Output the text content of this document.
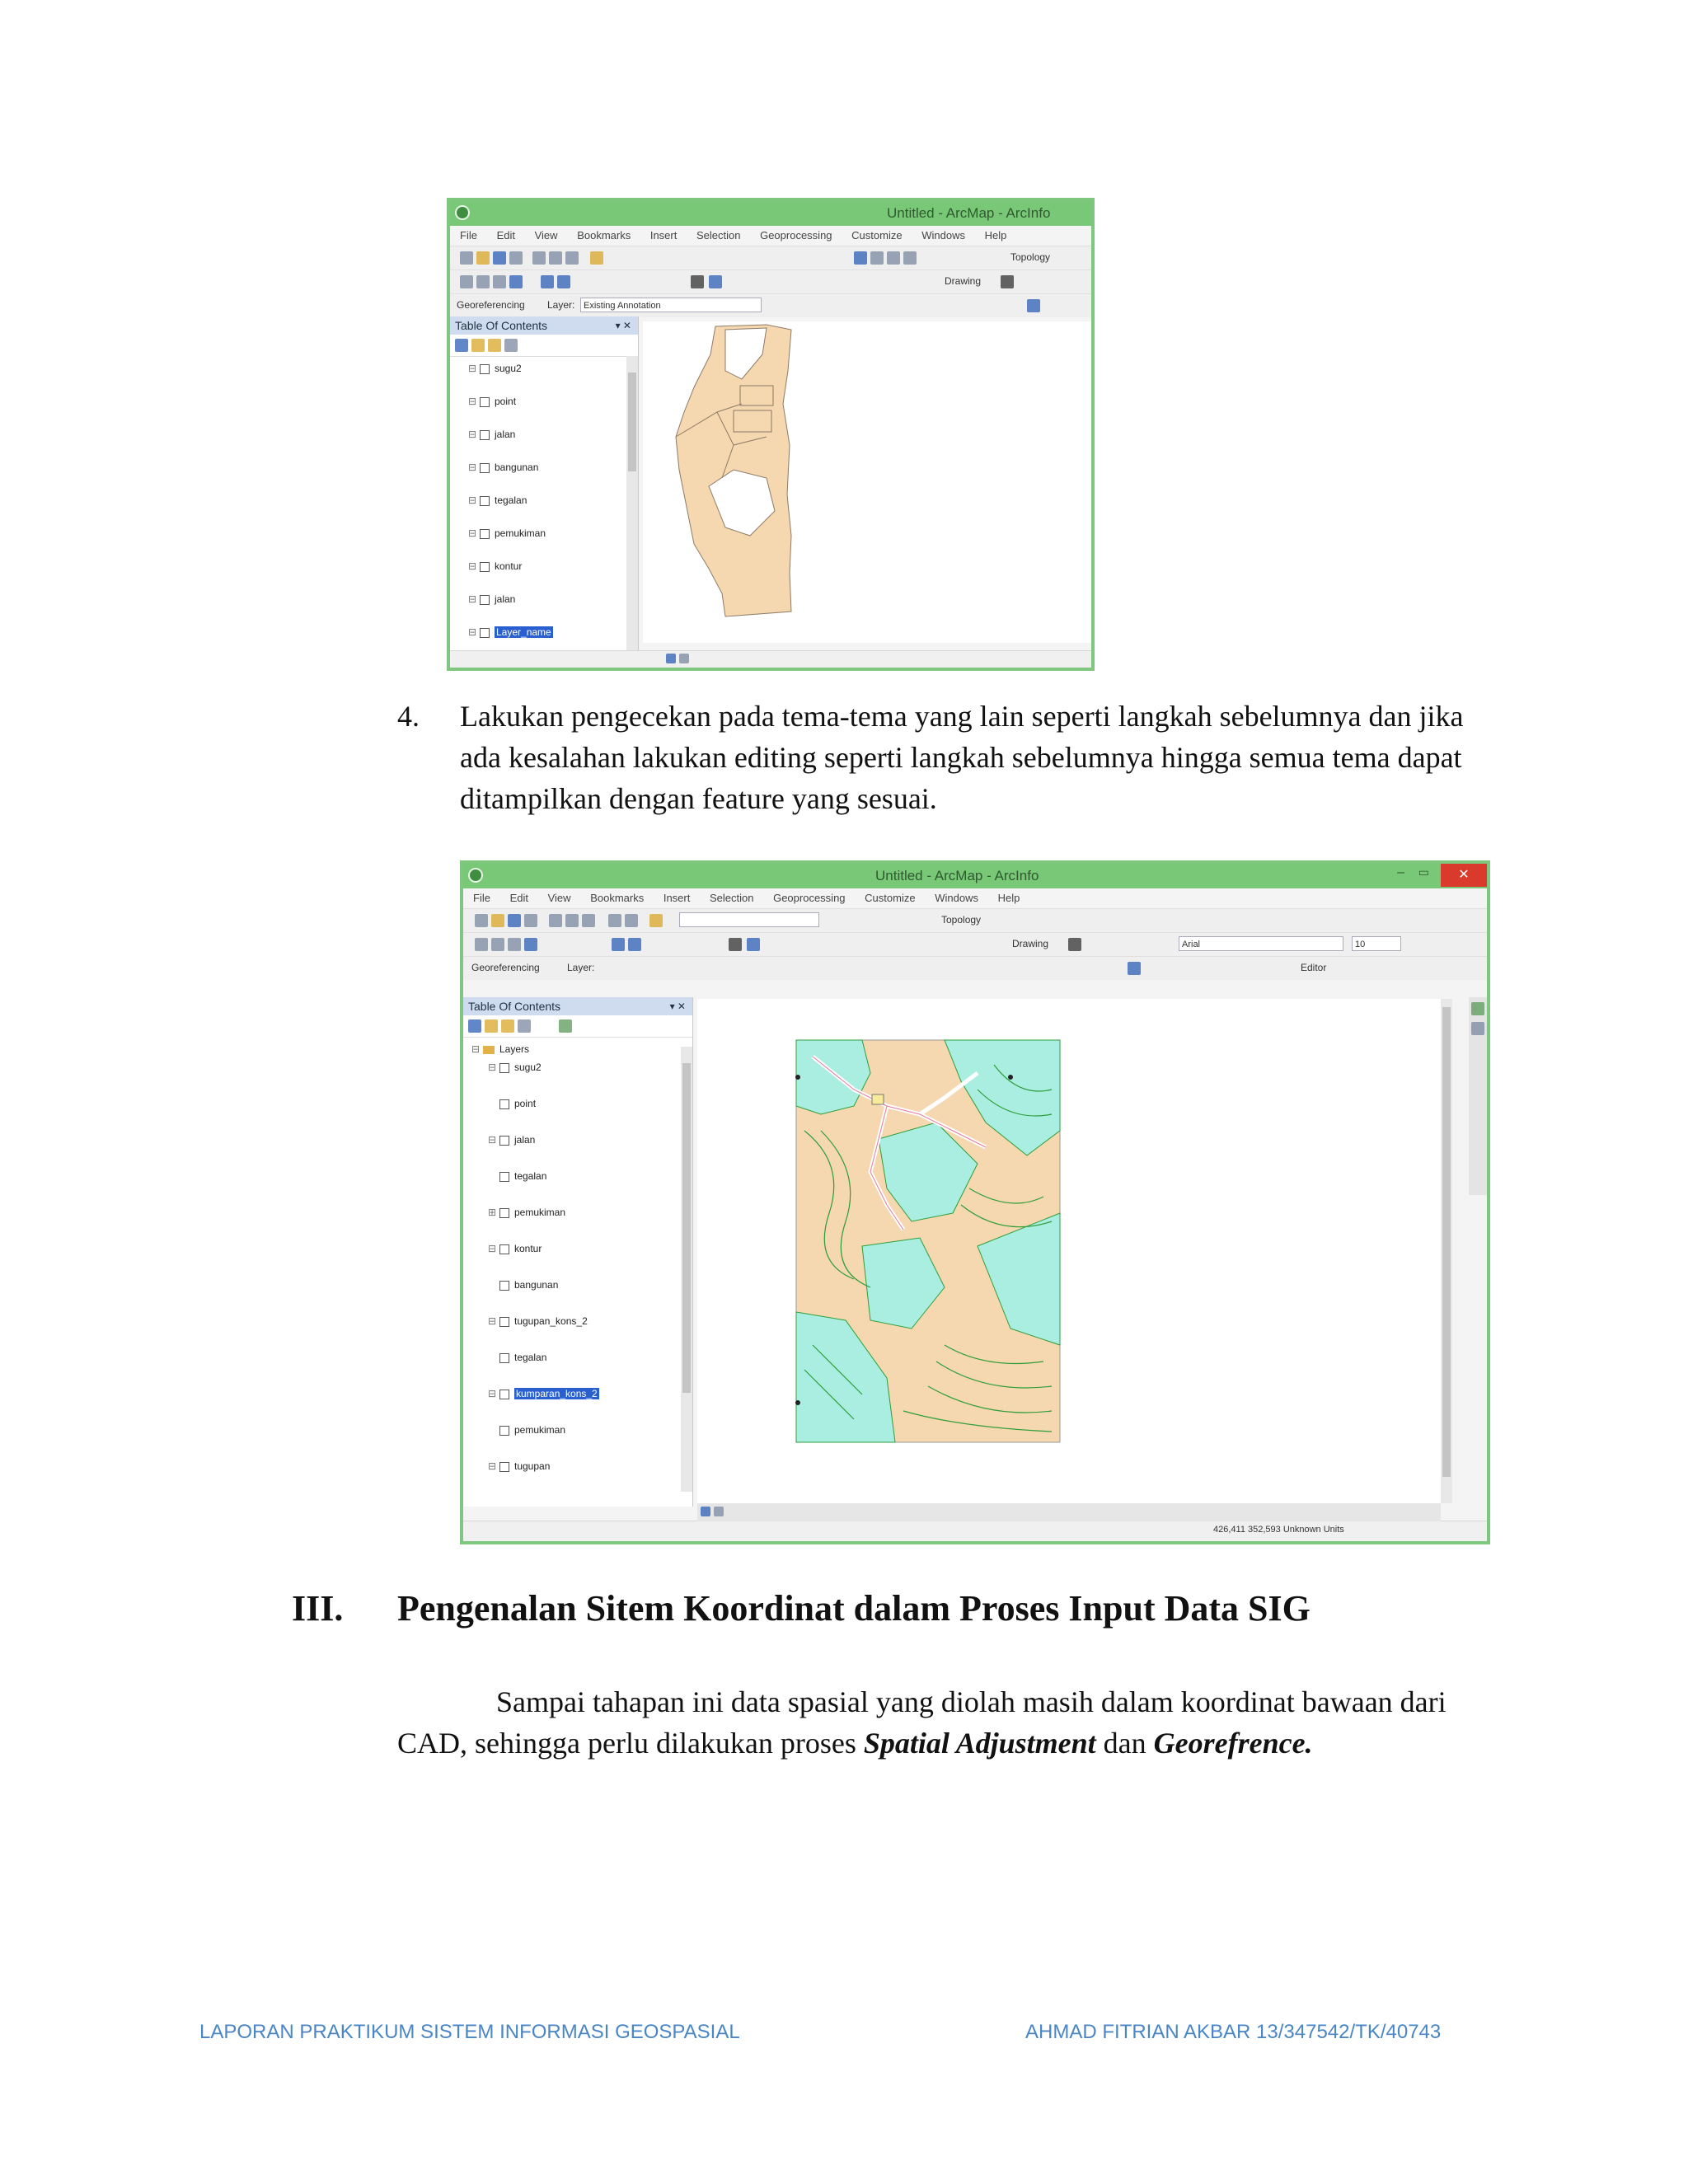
Untitled - ArcMap - ArcInfo
File Edit View Bookmarks Insert Selection Geoprocessing Customize Windows Help
Topology
Drawing
Georeferencing Layer: Existing Annotation
Table Of Contents	▾ ✕
⊟ sugu2
⊟ point
⊟ jalan
⊟ bangunan
⊟ tegalan
⊟ pemukiman
⊟ kontur
⊟ jalan
⊟ Layer_name
4. Lakukan pengecekan pada tema-tema yang lain seperti langkah sebelumnya dan jika ada kesalahan lakukan editing seperti langkah sebelumnya hingga semua tema dapat ditampilkan dengan feature yang sesuai.
Untitled - ArcMap - ArcInfo	‒ ▭	✕
File Edit View Bookmarks Insert Selection Geoprocessing Customize Windows Help
Topology
Drawing	Arial	10
Georeferencing	Layer:	Editor
Table Of Contents	▾ ✕
⊟ Layers
⊟ sugu2
point
⊟ jalan
tegalan
⊞ pemukiman
⊟ kontur
bangunan
⊟ tugupan_kons_2
tegalan
⊟ kumparan_kons_2
pemukiman
⊟ tugupan
426,411 352,593 Unknown Units
III. Pengenalan Sitem Koordinat dalam Proses Input Data SIG
Sampai tahapan ini data spasial yang diolah masih dalam koordinat bawaan dari CAD, sehingga perlu dilakukan proses Spatial Adjustment dan Georefrence.
LAPORAN PRAKTIKUM SISTEM INFORMASI GEOSPASIAL	AHMAD FITRIAN AKBAR 13/347542/TK/40743
